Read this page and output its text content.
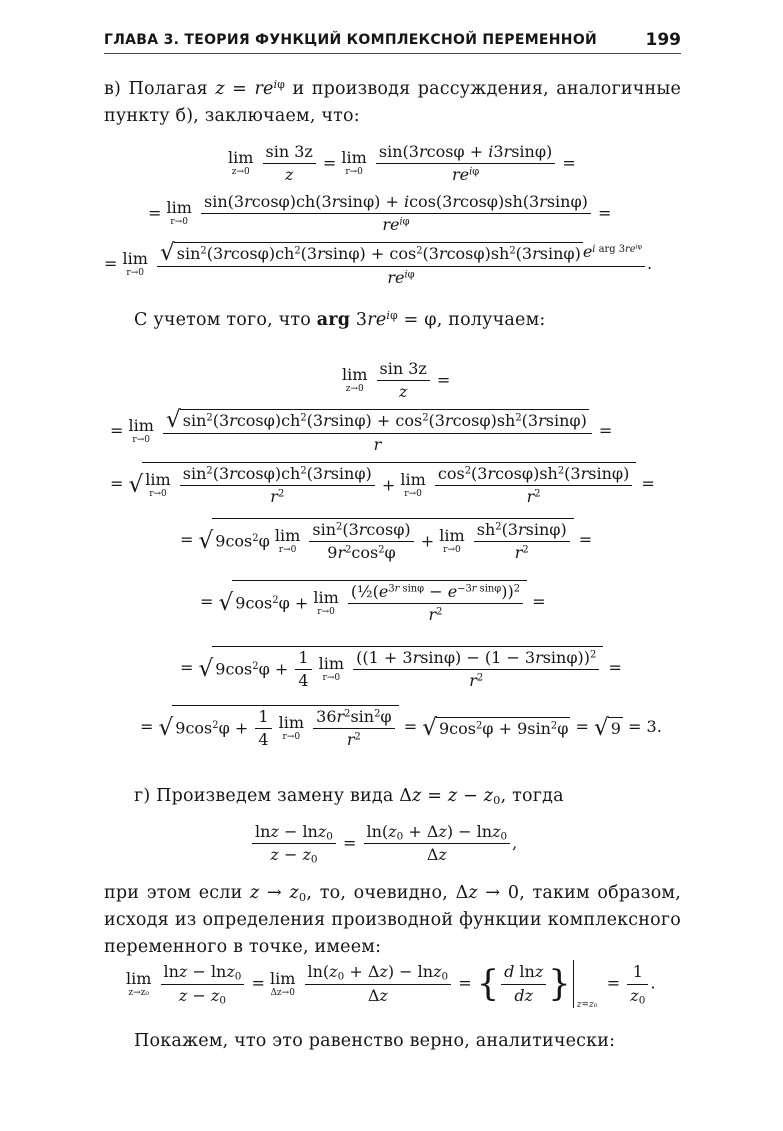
ГЛАВА 3. ТЕОРИЯ ФУНКЦИЙ КОМПЛЕКСНОЙ ПЕРЕМЕННОЙ	199
в) Полагая $z = re^{i\varphi}$ и производя рассуждения, аналогичные пункту б), заключаем, что:
lim
z→0
$\frac{\sin 3z}{z} = \lim$
r→0
$\frac{\sin(3rcos\varphi + i3rsin\varphi)}{re^{i\varphi}}$ =
= lim
r→0
$\frac{\sin(3rcos\varphi)ch(3rsin\varphi) + icos(3rcos\varphi)sh(3rsin\varphi)}{re^{i\varphi}}$ =
= lim
r→0

√ $\sin^2(3rcos\varphi)ch^2(3rsin\varphi) + \cos^2(3rcos\varphi)sh^2(3rsin\varphi)$ $e^{i arg 3re^{i\varphi}}$
$re^{i\varphi}$
.
С учетом того, что arg $3re^{i\varphi} = \varphi$, получаем:
lim
z→0
$\frac{\sin 3z}{z}$ =
= lim
r→0
$\frac{√ \sin^2(3rcos\varphi)ch^2(3rsin\varphi) + \cos^2(3rcos\varphi)sh^2(3rsin\varphi)}{r}$ =
= √ lim
r→0
$\frac{\sin^2(3rcos\varphi)ch^2(3rsin\varphi)}{r^2} + \lim$
r→0
$\frac{\cos^2(3rcos\varphi)sh^2(3rsin\varphi)}{r^2}$ =
= $√9\cos^2\varphi$ lim
r→0
$\frac{\sin^2(3rcos\varphi)}{9r^2\cos^2\varphi} + \lim$
r→0
$\frac{sh^2(3rsin\varphi)}{r^2}$ =
= $√9\cos^2\varphi + \lim$
r→0
$\frac{(\frac{1}{2}(e^{3r sin\varphi} - e^{-3r sin\varphi}))^2}{r^2}$ =
= $√9\cos^2\varphi + \frac{1}{4}$
lim
r→0
$\frac{((1 + 3rsin\varphi) - (1 - 3rsin\varphi))^2}{r^2}$ =
= $√9\cos^2\varphi + \frac{1}{4}$
lim
r→0
$\frac{36r^2\sin^2\varphi}{r^2}$ = √ $9\cos^2\varphi + 9\sin^2\varphi$ = √ 9 = 3.
г) Произведем замену вида $\Delta z = z - z_0$, тогда
$\frac{\ln z - \ln z_0}{z - z_0} = \frac{\ln(z_0 + \Delta z) - \ln z_0}{\Delta z}$ ,
при этом если $z \to z_0$, то, очевидно, Δz → 0, таким образом, исходя из определения производной функции комплексного переменного в точке, имеем:
lim
z→z₀
$\frac{\ln z - \ln z_0}{z - z_0} = \lim$
Δz→0
$\frac{\ln(z_0 + \Delta z) - \ln z_0}{\Delta z}$ = { $\frac{\text{d lnz}}{dz}$ }
z=z₀
= $\frac{1}{z_0}$ .
Покажем, что это равенство верно, аналитически:
